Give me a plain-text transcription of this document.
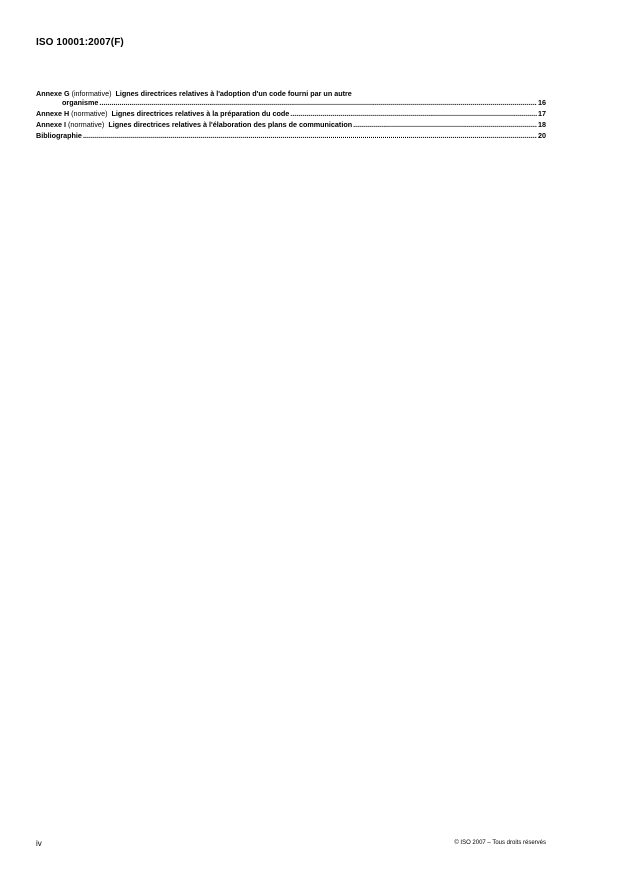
ISO 10001:2007(F)
Annexe G (informative) Lignes directrices relatives à l'adoption d'un code fourni par un autre
organisme .....	16
Annexe H (normative) Lignes directrices relatives à la préparation du code .....	17
Annexe I (normative) Lignes directrices relatives à l'élaboration des plans de communication .....	18
Bibliographie .....	20
iv	© ISO 2007 – Tous droits réservés
